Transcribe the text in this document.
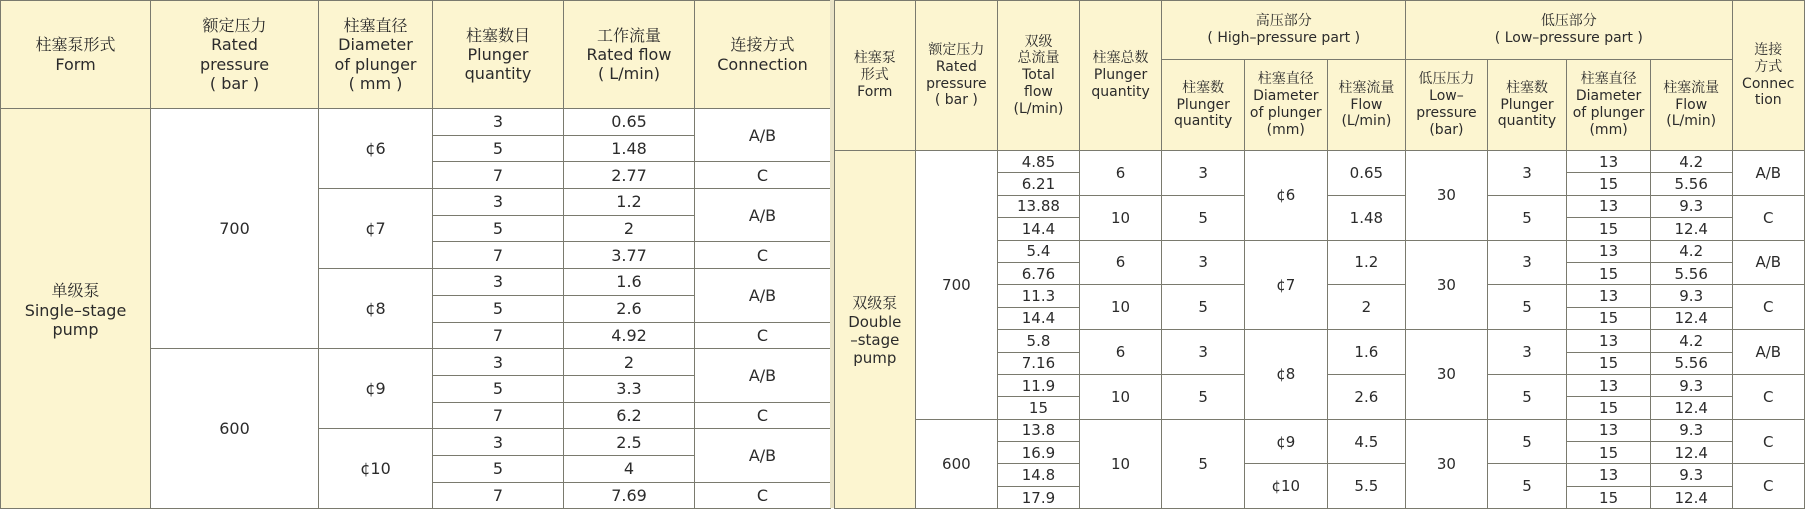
柱塞泵形式
Form	额定压力
Rated
pressure
( bar )	柱塞直径
Diameter
of plunger
( mm )	柱塞数目
Plunger
quantity	工作流量
Rated flow
( L/min)	连接方式
Connection

单级泵
Single–stage
pump	700	¢6	3	0.65	A/B
			5	1.48	
			7	2.77	C
		¢7	3	1.2	A/B
			5	2	
			7	3.77	C
		¢8	3	1.6	A/B
			5	2.6	
			7	4.92	C
	600	¢9	3	2	A/B
			5	3.3	
			7	6.2	C
		¢10	3	2.5	A/B
			5	4	
			7	7.69	C
柱塞泵
形式
Form	额定压力
Rated
pressure
( bar )	双级
总流量
Total
flow
(L/min)	柱塞总数
Plunger
quantity	高压部分
( High–pressure part )			低压部分
( Low–pressure part )				连接
方式
Connec
tion

				柱塞数
Plunger
quantity	柱塞直径
Diameter
of plunger
(mm)	柱塞流量
Flow
(L/min)	低压压力
Low–
pressure
(bar)	柱塞数
Plunger
quantity	柱塞直径
Diameter
of plunger
(mm)	柱塞流量
Flow
(L/min)	

双级泵
Double
–stage
pump	700	4.85	6	3	¢6	0.65	30	3	13	4.2	A/B
		6.21							15	5.56	
		13.88	10	5		1.48		5	13	9.3	C
		14.4							15	12.4	
		5.4	6	3	¢7	1.2	30	3	13	4.2	A/B
		6.76							15	5.56	
		11.3	10	5		2		5	13	9.3	C
		14.4							15	12.4	
		5.8	6	3	¢8	1.6	30	3	13	4.2	A/B
		7.16							15	5.56	
		11.9	10	5		2.6		5	13	9.3	C
		15							15	12.4	
	600	13.8	10	5	¢9	4.5	30	5	13	9.3	C
		16.9							15	12.4	
		14.8			¢10	5.5		5	13	9.3	C
		17.9							15	12.4	
